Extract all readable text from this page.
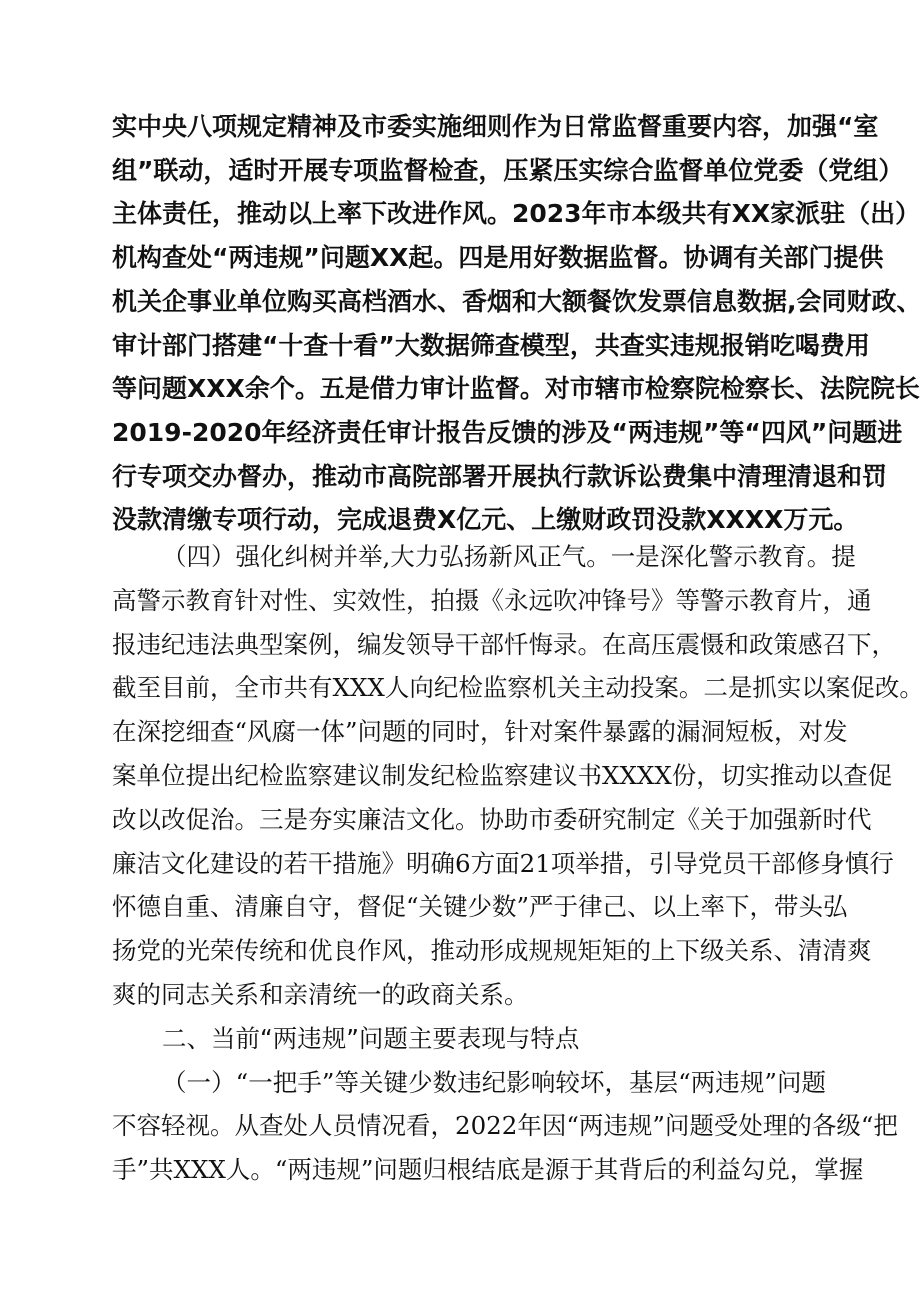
实中央八项规定精神及市委实施细则作为日常监督重要内容，加强“室
组”联动，适时开展专项监督检查，压紧压实综合监督单位党委（党组）
主体责任，推动以上率下改进作风。2023年市本级共有XX家派驻（出）
机构查处“两违规”问题XX起。四是用好数据监督。协调有关部门提供
机关企事业单位购买高档酒水、香烟和大额餐饮发票信息数据,会同财政、
审计部门搭建“十查十看”大数据筛查模型，共查实违规报销吃喝费用
等问题XXX余个。五是借力审计监督。对市辖市检察院检察长、法院院长
2019-2020年经济责任审计报告反馈的涉及“两违规”等“四风”问题进
行专项交办督办，推动市高院部署开展执行款诉讼费集中清理清退和罚
没款清缴专项行动，完成退费X亿元、上缴财政罚没款XXXX万元。
（四）强化纠树并举,大力弘扬新风正气。一是深化警示教育。提
高警示教育针对性、实效性，拍摄《永远吹冲锋号》等警示教育片，通
报违纪违法典型案例，编发领导干部忏悔录。在高压震慑和政策感召下，
截至目前，全市共有XXX人向纪检监察机关主动投案。二是抓实以案促改。
在深挖细查“风腐一体”问题的同时，针对案件暴露的漏洞短板，对发
案单位提出纪检监察建议制发纪检监察建议书XXXX份，切实推动以查促
改以改促治。三是夯实廉洁文化。协助市委研究制定《关于加强新时代
廉洁文化建设的若干措施》明确6方面21项举措，引导党员干部修身慎行
怀德自重、清廉自守，督促“关键少数”严于律己、以上率下，带头弘
扬党的光荣传统和优良作风，推动形成规规矩矩的上下级关系、清清爽
爽的同志关系和亲清统一的政商关系。
二、当前“两违规”问题主要表现与特点
（一）“一把手”等关键少数违纪影响较坏，基层“两违规”问题
不容轻视。从查处人员情况看，2022年因“两违规”问题受处理的各级“把
手”共XXX人。“两违规”问题归根结底是源于其背后的利益勾兑，掌握
